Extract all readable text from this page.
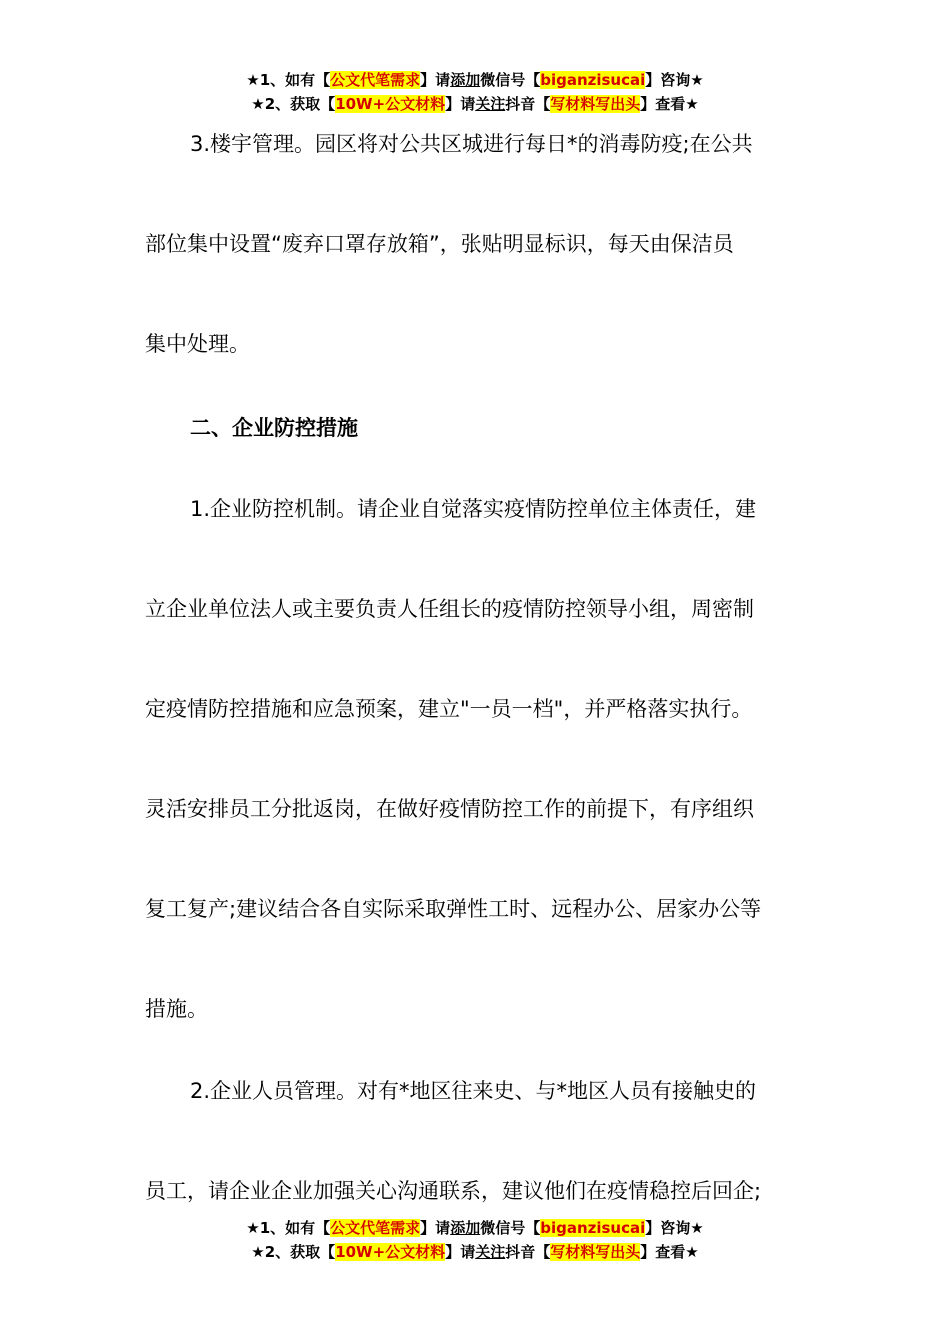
★1、如有【公文代笔需求】请添加微信号【biganzisucai】咨询★
★2、获取【10W+公文材料】请关注抖音【写材料写出头】查看★
3.楼宇管理。园区将对公共区城进行每日*的消毒防疫;在公共
部位集中设置“废弃口罩存放箱”，张贴明显标识，每天由保洁员
集中处理。
二、企业防控措施
1.企业防控机制。请企业自觉落实疫情防控单位主体责任，建
立企业单位法人或主要负责人任组长的疫情防控领导小组，周密制
定疫情防控措施和应急预案，建立"一员一档"，并严格落实执行。
灵活安排员工分批返岗，在做好疫情防控工作的前提下，有序组织
复工复产;建议结合各自实际采取弹性工时、远程办公、居家办公等
措施。
2.企业人员管理。对有*地区往来史、与*地区人员有接触史的
员工，请企业企业加强关心沟通联系，建议他们在疫情稳控后回企;
★1、如有【公文代笔需求】请添加微信号【biganzisucai】咨询★
★2、获取【10W+公文材料】请关注抖音【写材料写出头】查看★
